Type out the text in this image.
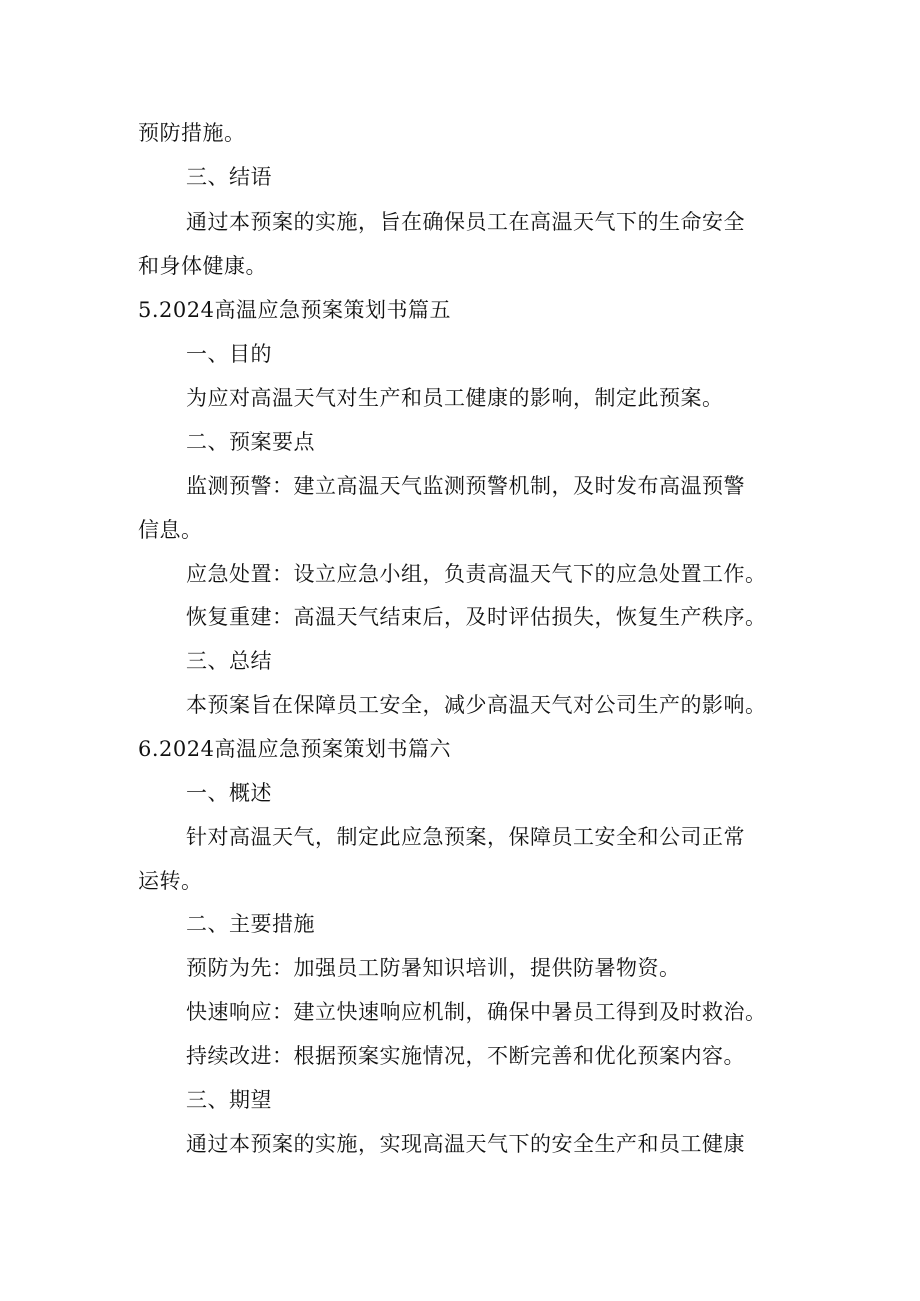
预防措施。
三、结语
通过本预案的实施，旨在确保员工在高温天气下的生命安全
和身体健康。
5.2024高温应急预案策划书篇五
一、目的
为应对高温天气对生产和员工健康的影响，制定此预案。
二、预案要点
监测预警：建立高温天气监测预警机制，及时发布高温预警
信息。
应急处置：设立应急小组，负责高温天气下的应急处置工作。
恢复重建：高温天气结束后，及时评估损失，恢复生产秩序。
三、总结
本预案旨在保障员工安全，减少高温天气对公司生产的影响。
6.2024高温应急预案策划书篇六
一、概述
针对高温天气，制定此应急预案，保障员工安全和公司正常
运转。
二、主要措施
预防为先：加强员工防暑知识培训，提供防暑物资。
快速响应：建立快速响应机制，确保中暑员工得到及时救治。
持续改进：根据预案实施情况，不断完善和优化预案内容。
三、期望
通过本预案的实施，实现高温天气下的安全生产和员工健康
